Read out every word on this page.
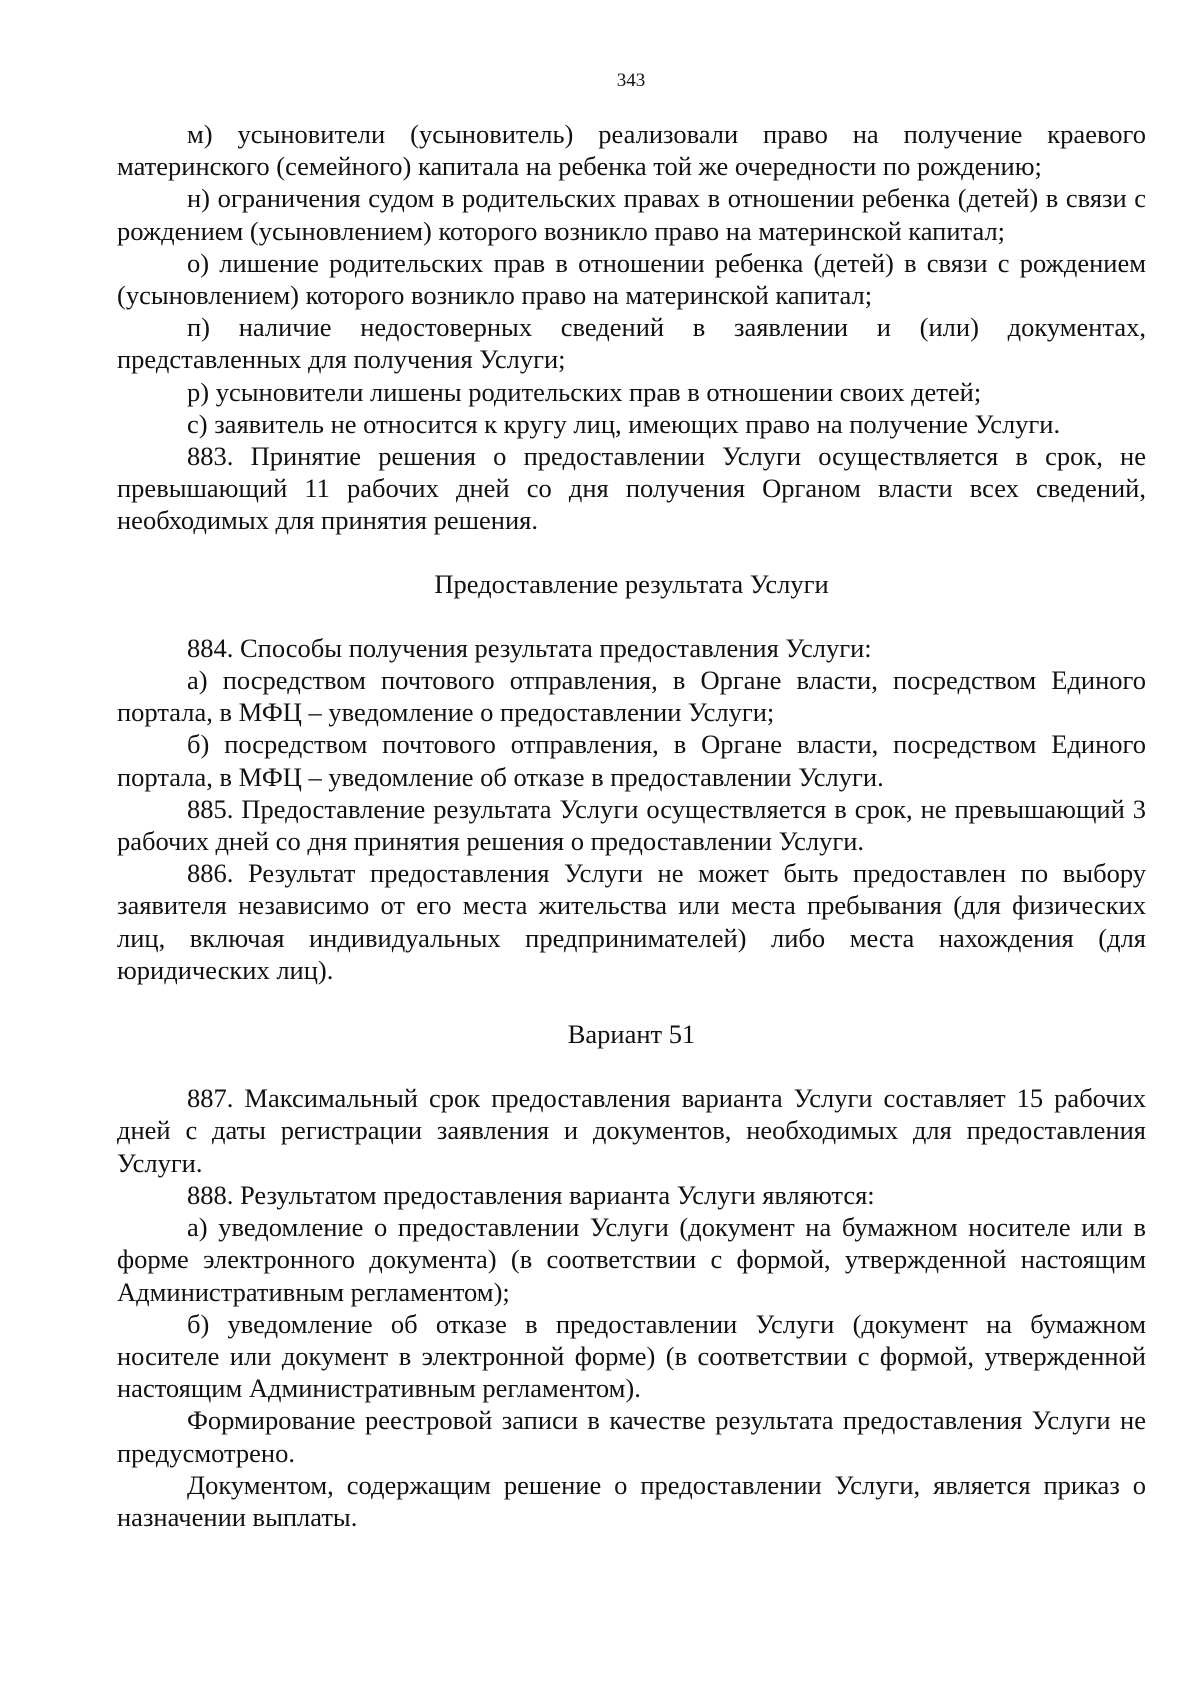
343

м) усыновители (усыновитель) реализовали право на получение краевого материнского (семейного) капитала на ребенка той же очередности по рождению;

н) ограничения судом в родительских правах в отношении ребенка (детей) в связи с рождением (усыновлением) которого возникло право на материнской капитал;

о) лишение родительских прав в отношении ребенка (детей) в связи с рождением (усыновлением) которого возникло право на материнской капитал;

п) наличие недостоверных сведений в заявлении и (или) документах, представленных для получения Услуги;

р) усыновители лишены родительских прав в отношении своих детей;

с) заявитель не относится к кругу лиц, имеющих право на получение Услуги.

883. Принятие решения о предоставлении Услуги осуществляется в срок, не превышающий 11 рабочих дней со дня получения Органом власти всех сведений, необходимых для принятия решения.

Предоставление результата Услуги

884. Способы получения результата предоставления Услуги:

а) посредством почтового отправления, в Органе власти, посредством Единого портала, в МФЦ – уведомление о предоставлении Услуги;

б) посредством почтового отправления, в Органе власти, посредством Единого портала, в МФЦ – уведомление об отказе в предоставлении Услуги.

885. Предоставление результата Услуги осуществляется в срок, не превышающий 3 рабочих дней со дня принятия решения о предоставлении Услуги.

886. Результат предоставления Услуги не может быть предоставлен по выбору заявителя независимо от его места жительства или места пребывания (для физических лиц, включая индивидуальных предпринимателей) либо места нахождения (для юридических лиц).

Вариант 51

887. Максимальный срок предоставления варианта Услуги составляет 15 рабочих дней с даты регистрации заявления и документов, необходимых для предоставления Услуги.

888. Результатом предоставления варианта Услуги являются:

а) уведомление о предоставлении Услуги (документ на бумажном носителе или в форме электронного документа) (в соответствии с формой, утвержденной настоящим Административным регламентом);

б) уведомление об отказе в предоставлении Услуги (документ на бумажном носителе или документ в электронной форме) (в соответствии с формой, утвержденной настоящим Административным регламентом).

Формирование реестровой записи в качестве результата предоставления Услуги не предусмотрено.

Документом, содержащим решение о предоставлении Услуги, является приказ о назначении выплаты.
